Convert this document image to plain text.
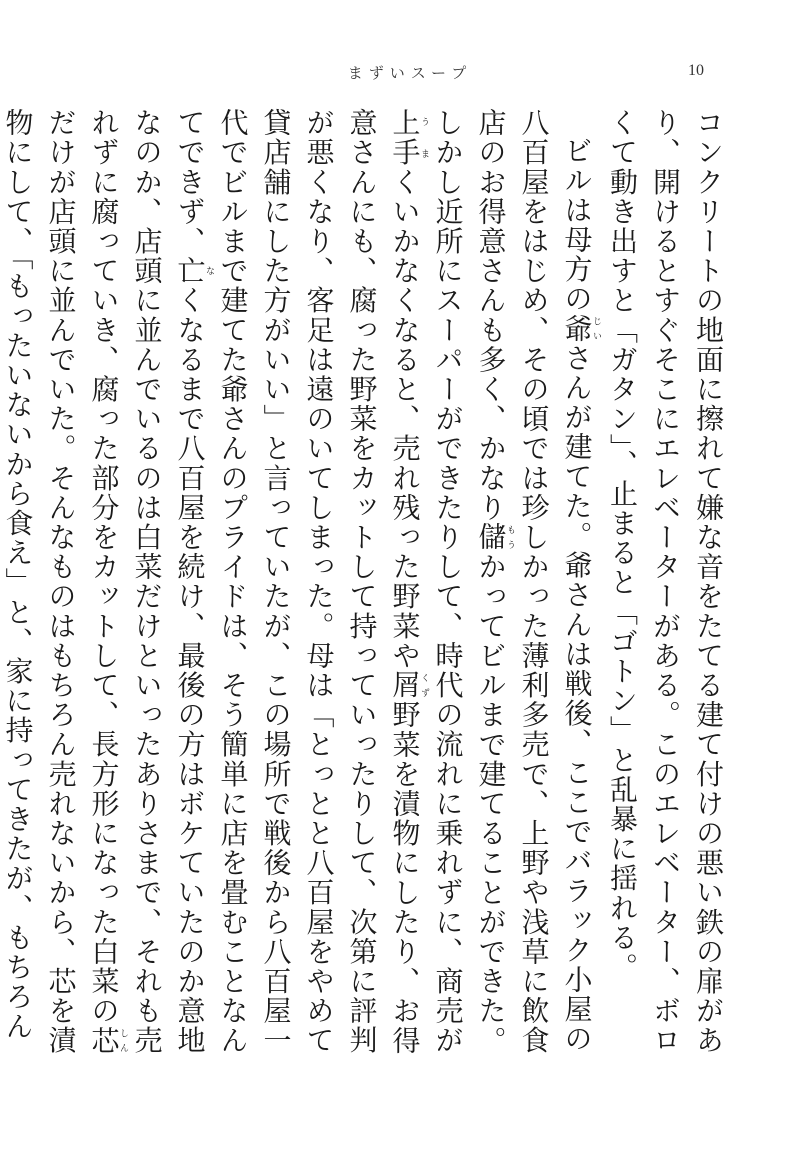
まずいスープ	10

コンクリートの地面に擦れて嫌な音をたてる建て付けの悪い鉄の扉があり、開けるとすぐそこにエレベーターがある。このエレベーター、ボロくて動き出すと「ガタン」、止まると「ゴトン」と乱暴に揺れる。

ビルは母方の爺じいさんが建てた。爺さんは戦後、ここでバラック小屋の八百屋をはじめ、その頃では珍しかった薄利多売で、上野や浅草に飲食店のお得意さんも多く、かなり儲もうかってビルまで建てることができた。しかし近所にスーパーができたりして、時代の流れに乗れずに、商売が上手うまくいかなくなると、売れ残った野菜や屑くず野菜を漬物にしたり、お得意さんにも、腐った野菜をカットして持っていったりして、次第に評判が悪くなり、客足は遠のいてしまった。母は「とっとと八百屋をやめて貸店舗にした方がいい」と言っていたが、この場所で戦後から八百屋一代でビルまで建てた爺さんのプライドは、そう簡単に店を畳むことなんてできず、亡なくなるまで八百屋を続け、最後の方はボケていたのか意地なのか、店頭に並んでいるのは白菜だけといったありさまで、それも売れずに腐っていき、腐った部分をカットして、長方形になった白菜の芯しんだけが店頭に並んでいた。そんなものはもちろん売れないから、芯を漬物にして、「もったいないから食え」と、家に持ってきたが、もちろん
